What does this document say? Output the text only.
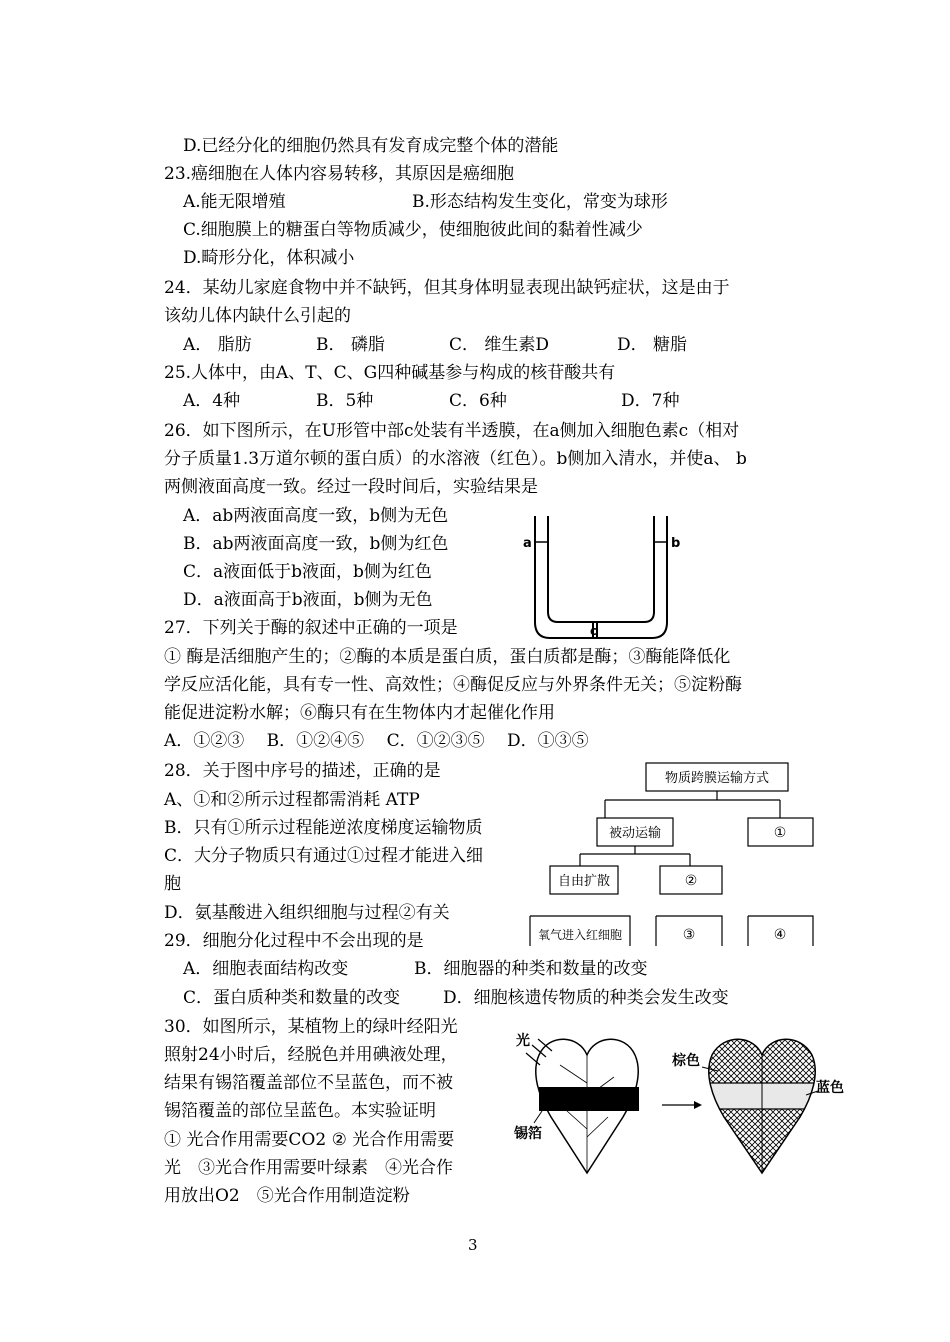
D.已经分化的细胞仍然具有发育成完整个体的潜能
23.癌细胞在人体内容易转移，其原因是癌细胞
A.能无限增殖	B.形态结构发生变化，常变为球形
C.细胞膜上的糖蛋白等物质减少，使细胞彼此间的黏着性减少
D.畸形分化，体积减小
24．某幼儿家庭食物中并不缺钙，但其身体明显表现出缺钙症状，这是由于
该幼儿体内缺什么引起的
A． 脂肪	B． 磷脂	C． 维生素D	D． 糖脂
25.人体中，由A、T、C、G四种碱基参与构成的核苷酸共有
A．4种	B．5种	C．6种	D．7种
26．如下图所示，在U形管中部c处装有半透膜，在a侧加入细胞色素c（相对
分子质量1.3万道尔顿的蛋白质）的水溶液（红色）。b侧加入清水，并使a、 b
两侧液面高度一致。经过一段时间后，实验结果是
A．ab两液面高度一致，b侧为无色
B．ab两液面高度一致，b侧为红色
C．a液面低于b液面，b侧为红色
D．a液面高于b液面，b侧为无色
a	b
c
27．下列关于酶的叙述中正确的一项是
① 酶是活细胞产生的；②酶的本质是蛋白质，蛋白质都是酶；③酶能降低化
学反应活化能，具有专一性、高效性；④酶促反应与外界条件无关；⑤淀粉酶
能促进淀粉水解；⑥酶只有在生物体内才起催化作用
A．①②③　 B．①②④⑤　 C．①②③⑤　 D．①③⑤
28．关于图中序号的描述，正确的是
A、①和②所示过程都需消耗 ATP
B．只有①所示过程能逆浓度梯度运输物质
C．大分子物质只有通过①过程才能进入细
胞
D．氨基酸进入组织细胞与过程②有关
物质跨膜运输方式
被动运输	①
自由扩散	②
氧气进入红细胞	③	④
29．细胞分化过程中不会出现的是
A．细胞表面结构改变	B．细胞器的种类和数量的改变
C．蛋白质种类和数量的改变	D．细胞核遗传物质的种类会发生改变
30．如图所示，某植物上的绿叶经阳光
照射24小时后，经脱色并用碘液处理，
结果有锡箔覆盖部位不呈蓝色，而不被
锡箔覆盖的部位呈蓝色。本实验证明
① 光合作用需要CO2 ② 光合作用需要
光　③光合作用需要叶绿素　④光合作
用放出O2　⑤光合作用制造淀粉
光
锡箔
棕色
蓝色
3
